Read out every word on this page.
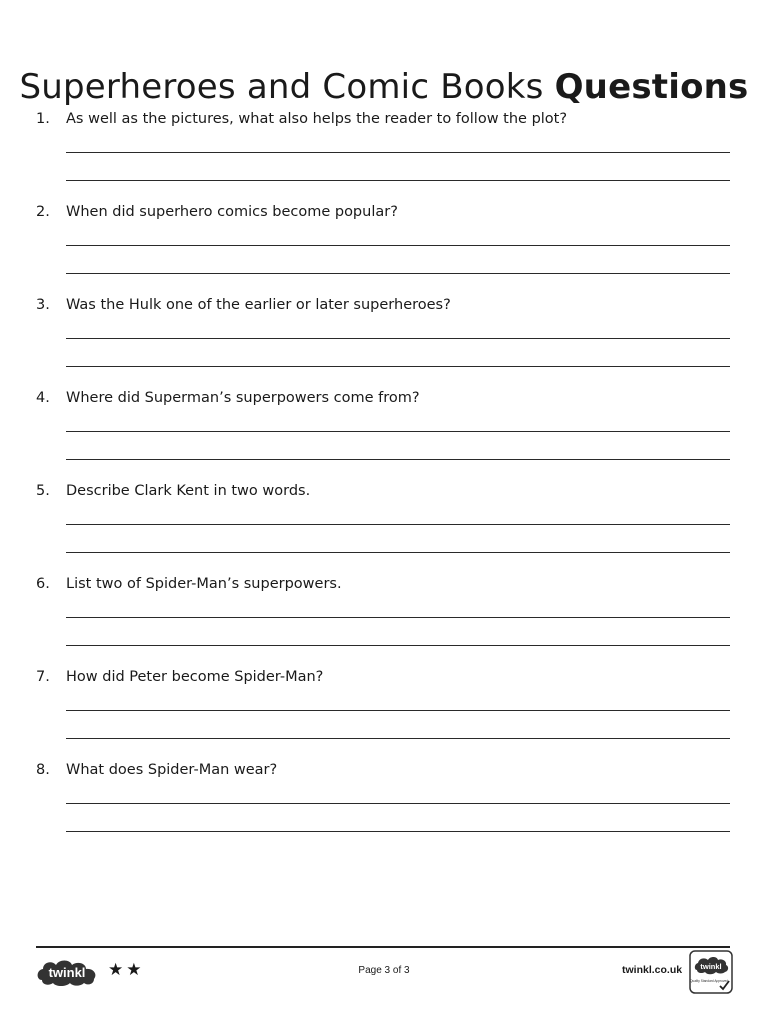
Superheroes and Comic Books Questions
1. As well as the pictures, what also helps the reader to follow the plot?
2. When did superhero comics become popular?
3. Was the Hulk one of the earlier or later superheroes?
4. Where did Superman’s superpowers come from?
5. Describe Clark Kent in two words.
6. List two of Spider-Man’s superpowers.
7. How did Peter become Spider-Man?
8. What does Spider-Man wear?
twinkl ★★	Page 3 of 3	twinkl.co.uk twinkl
Quality Standard Approved
